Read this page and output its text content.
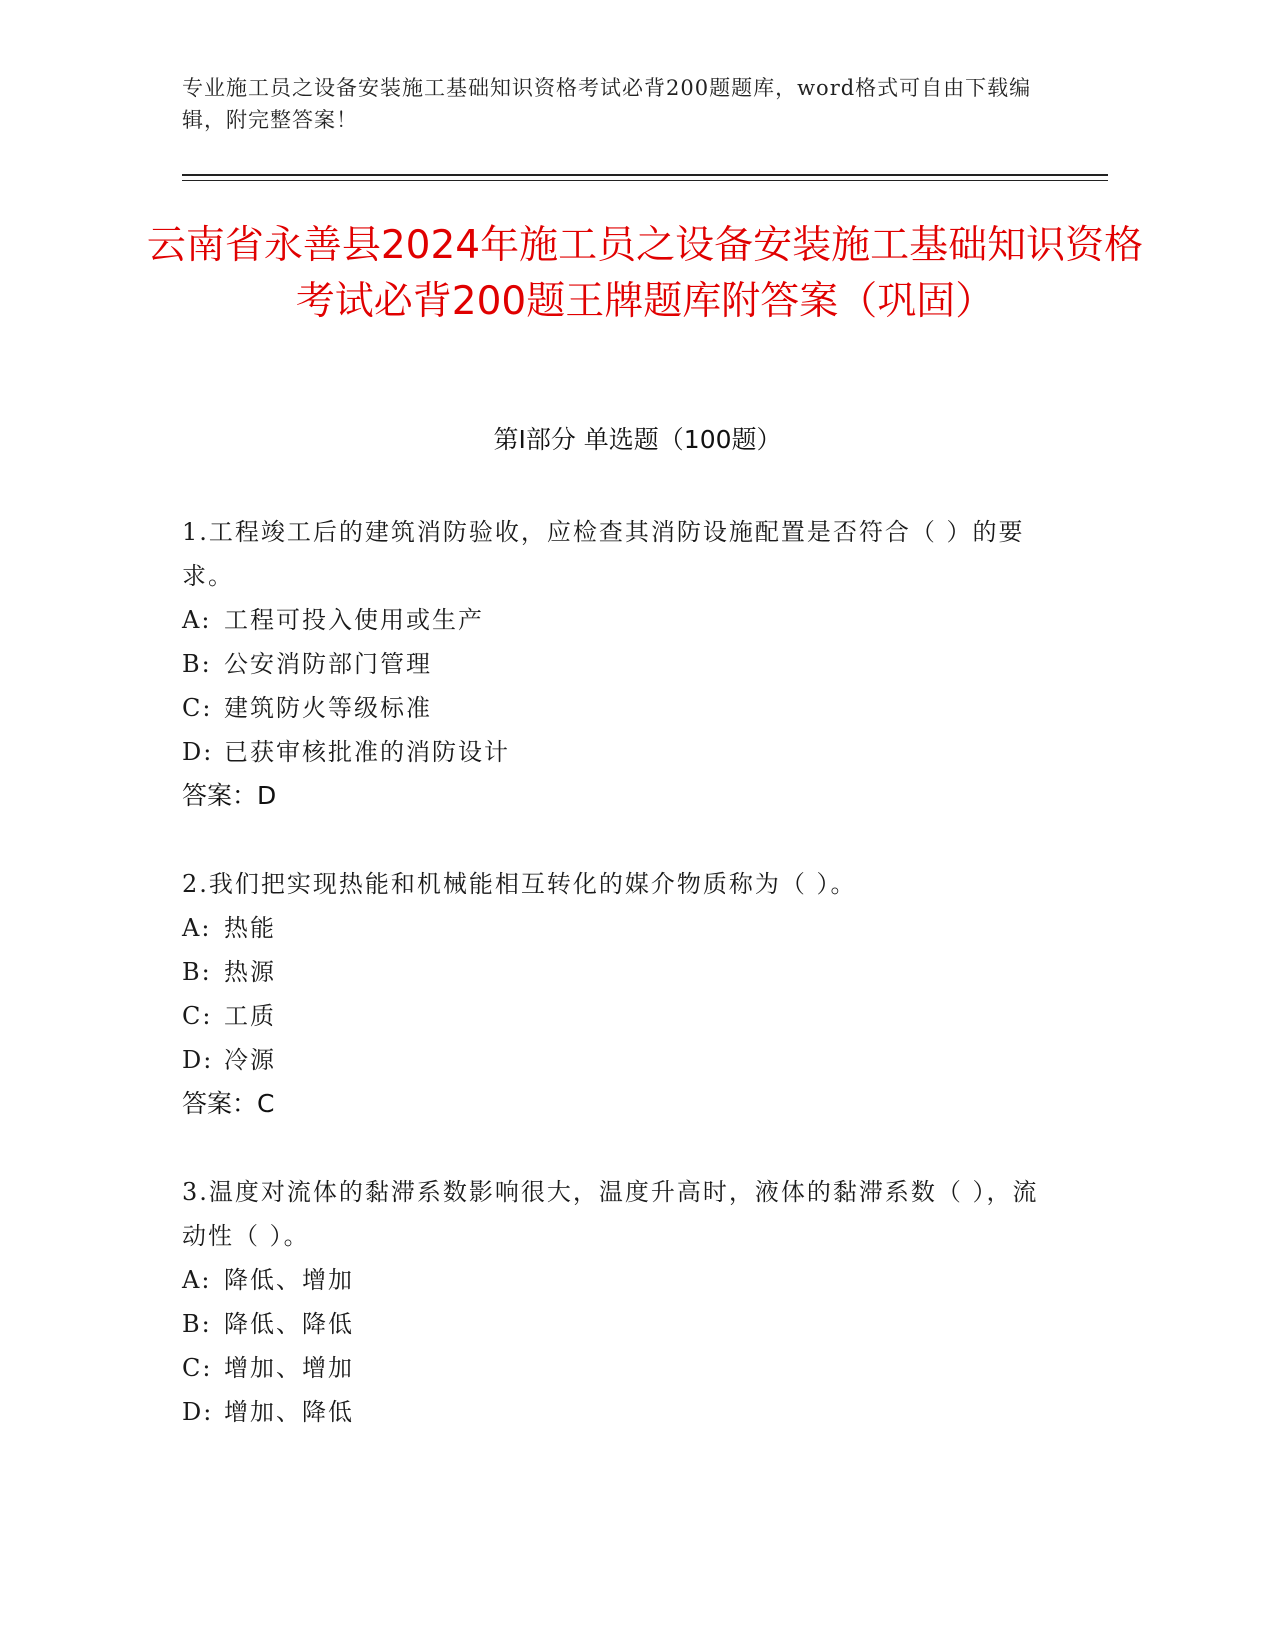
专业施工员之设备安装施工基础知识资格考试必背200题题库，word格式可自由下载编辑，附完整答案！
云南省永善县2024年施工员之设备安装施工基础知识资格考试必背200题王牌题库附答案（巩固）
第I部分 单选题（100题）
1.工程竣工后的建筑消防验收，应检查其消防设施配置是否符合（ ）的要求。
A: 工程可投入使用或生产
B: 公安消防部门管理
C: 建筑防火等级标准
D: 已获审核批准的消防设计
答案：D
2.我们把实现热能和机械能相互转化的媒介物质称为（ ）。
A: 热能
B: 热源
C: 工质
D: 冷源
答案：C
3.温度对流体的黏滞系数影响很大，温度升高时，液体的黏滞系数（ ），流动性（ ）。
A: 降低、增加
B: 降低、降低
C: 增加、增加
D: 增加、降低
